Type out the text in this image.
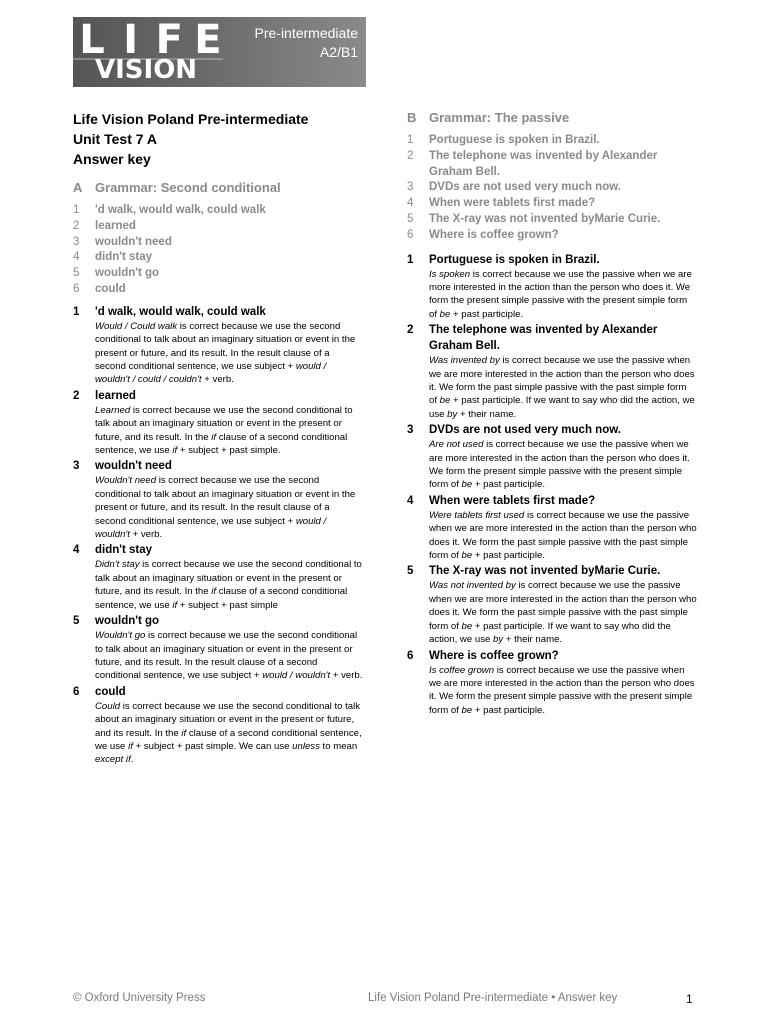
L I F E
VISION
Pre-intermediate
A2/B1
Life Vision Poland Pre-intermediate
Unit Test 7 A
Answer key
A Grammar: Second conditional
1	'd walk, would walk, could walk
2	learned
3	wouldn't need
4	didn't stay
5	wouldn't go
6	could
1	'd walk, would walk, could walk
Would / Could walk is correct because we use the second conditional to talk about an imaginary situation or event in the present or future, and its result. In the result clause of a second conditional sentence, we use subject + would / wouldn't / could / couldn't + verb.
2	learned
Learned is correct because we use the second conditional to talk about an imaginary situation or event in the present or future, and its result. In the if clause of a second conditional sentence, we use if + subject + past simple.
3	wouldn't need
Wouldn't need is correct because we use the second conditional to talk about an imaginary situation or event in the present or future, and its result. In the result clause of a second conditional sentence, we use subject + would / wouldn't + verb.
4	didn't stay
Didn't stay is correct because we use the second conditional to talk about an imaginary situation or event in the present or future, and its result. In the if clause of a second conditional sentence, we use if + subject + past simple
5	wouldn't go
Wouldn't go is correct because we use the second conditional to talk about an imaginary situation or event in the present or future, and its result. In the result clause of a second conditional sentence, we use subject + would / wouldn't + verb.
6	could
Could is correct because we use the second conditional to talk about an imaginary situation or event in the present or future, and its result. In the if clause of a second conditional sentence, we use if + subject + past simple. We can use unless to mean except if.
B Grammar: The passive
1	Portuguese is spoken in Brazil.
2	The telephone was invented by Alexander Graham Bell.
3	DVDs are not used very much now.
4	When were tablets first made?
5	The X-ray was not invented byMarie Curie.
6	Where is coffee grown?
1	Portuguese is spoken in Brazil.
Is spoken is correct because we use the passive when we are more interested in the action than the person who does it. We form the present simple passive with the present simple form of be + past participle.
2	The telephone was invented by Alexander Graham Bell.
Was invented by is correct because we use the passive when we are more interested in the action than the person who does it. We form the past simple passive with the past simple form of be + past participle. If we want to say who did the action, we use by + their name.
3	DVDs are not used very much now.
Are not used is correct because we use the passive when we are more interested in the action than the person who does it. We form the present simple passive with the present simple form of be + past participle.
4	When were tablets first made?
Were tablets first used is correct because we use the passive when we are more interested in the action than the person who does it. We form the past simple passive with the past simple form of be + past participle.
5	The X-ray was not invented byMarie Curie.
Was not invented by is correct because we use the passive when we are more interested in the action than the person who does it. We form the past simple passive with the past simple form of be + past participle. If we want to say who did the action, we use by + their name.
6	Where is coffee grown?
Is coffee grown is correct because we use the passive when we are more interested in the action than the person who does it. We form the present simple passive with the present simple form of be + past participle.
© Oxford University Press	Life Vision Poland Pre-intermediate • Answer key	1
